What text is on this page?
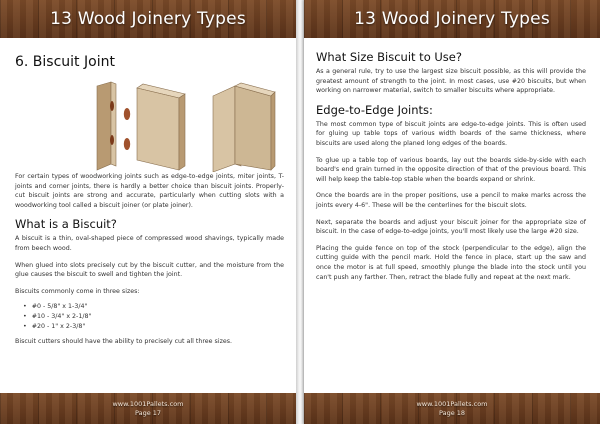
13 Wood Joinery Types
6. Biscuit Joint

For certain types of woodworking joints such as edge-to-edge joints, miter joints, T-joints and corner joints, there is hardly a better choice than biscuit joints. Properly-cut biscuit joints are strong and accurate, particularly when cutting slots with a woodworking tool called a biscuit joiner (or plate joiner).

What is a Biscuit?

A biscuit is a thin, oval-shaped piece of compressed wood shavings, typically made from beech wood.

When glued into slots precisely cut by the biscuit cutter, and the moisture from the glue causes the biscuit to swell and tighten the joint.

Biscuits commonly come in three sizes:

• #0 - 5/8" x 1-3/4"
• #10 - 3/4" x 2-1/8"
• #20 - 1" x 2-3/8"

Biscuit cutters should have the ability to precisely cut all three sizes.

www.1001Pallets.com
Page 17
13 Wood Joinery Types
What Size Biscuit to Use?

As a general rule, try to use the largest size biscuit possible, as this will provide the greatest amount of strength to the joint. In most cases, use #20 biscuits, but when working on narrower material, switch to smaller biscuits where appropriate.

Edge-to-Edge Joints:

The most common type of biscuit joints are edge-to-edge joints. This is often used for gluing up table tops of various width boards of the same thickness, where biscuits are used along the planed long edges of the boards.

To glue up a table top of various boards, lay out the boards side-by-side with each board's end grain turned in the opposite direction of that of the previous board. This will help keep the table-top stable when the boards expand or shrink.

Once the boards are in the proper positions, use a pencil to make marks across the joints every 4-6". These will be the centerlines for the biscuit slots.

Next, separate the boards and adjust your biscuit joiner for the appropriate size of biscuit. In the case of edge-to-edge joints, you'll most likely use the large #20 size.

Placing the guide fence on top of the stock (perpendicular to the edge), align the cutting guide with the pencil mark. Hold the fence in place, start up the saw and once the motor is at full speed, smoothly plunge the blade into the stock until you can't push any farther. Then, retract the blade fully and repeat at the next mark.

www.1001Pallets.com
Page 18
